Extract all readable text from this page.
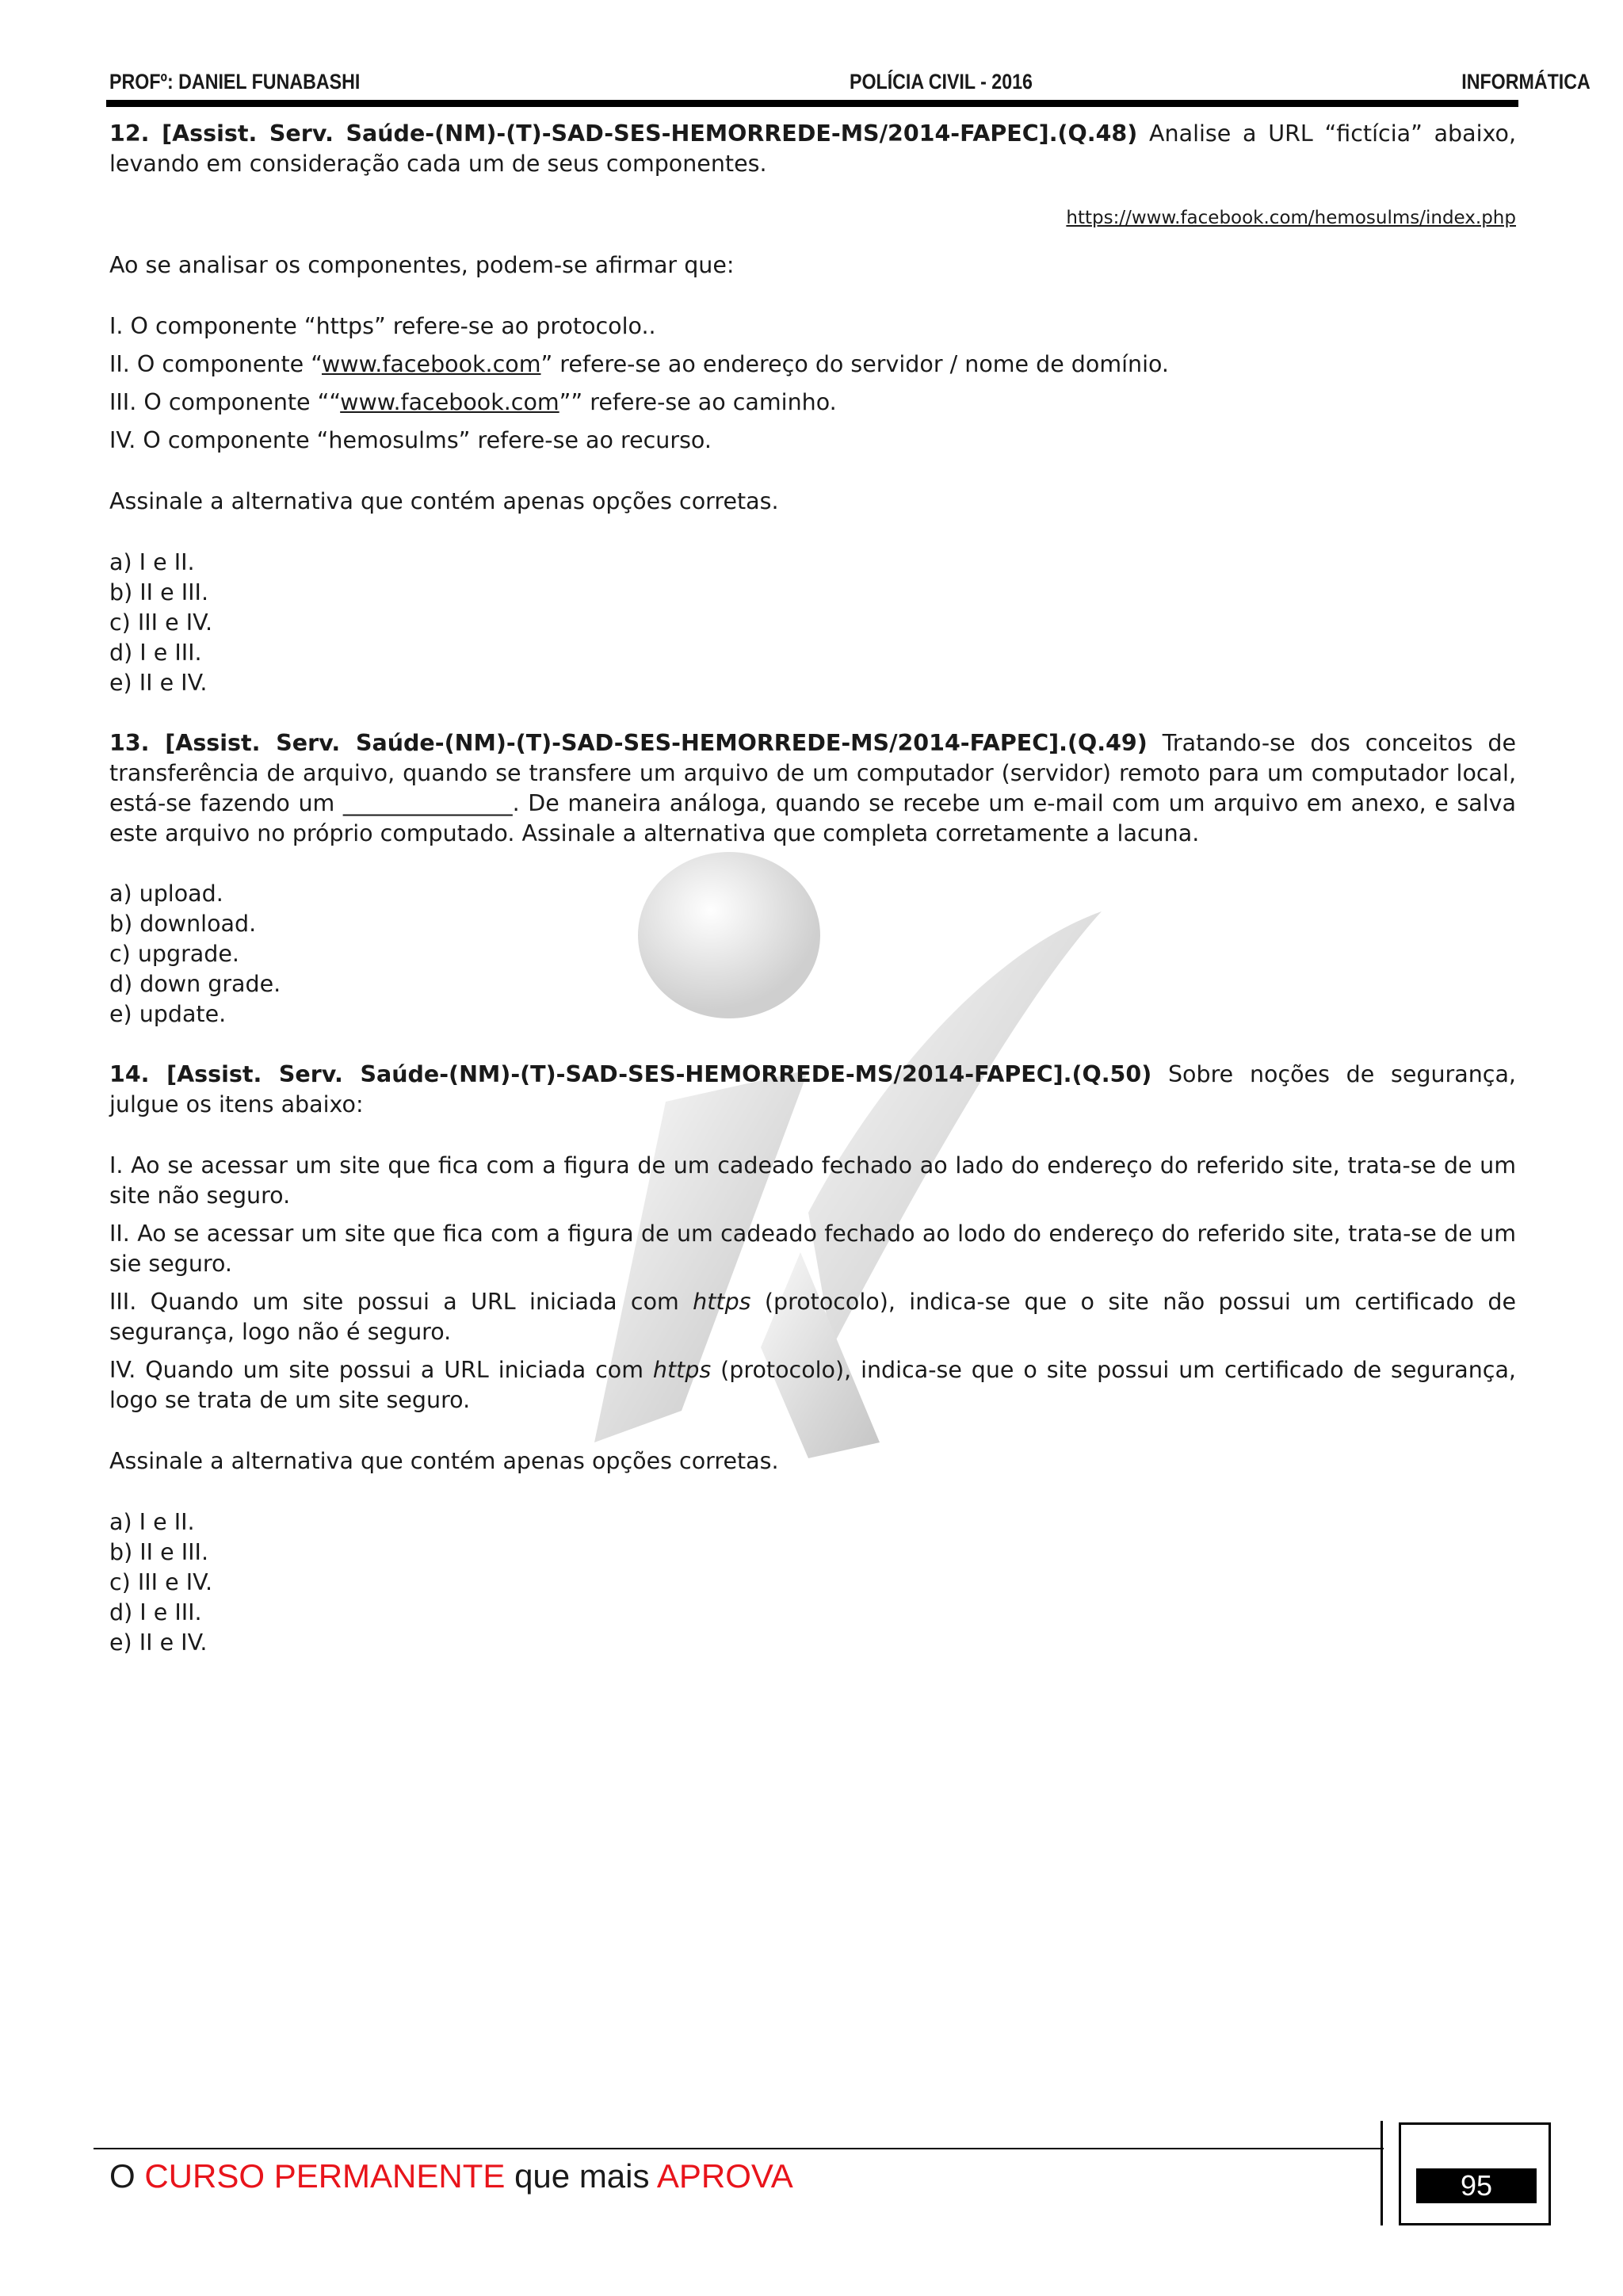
PROFº: DANIEL FUNABASHI	POLÍCIA CIVIL - 2016	INFORMÁTICA

12. [Assist. Serv. Saúde-(NM)-(T)-SAD-SES-HEMORREDE-MS/2014-FAPEC].(Q.48) Analise a URL “fictícia” abaixo, levando em consideração cada um de seus componentes.

https://www.facebook.com/hemosulms/index.php

Ao se analisar os componentes, podem-se afirmar que:

I. O componente “https” refere-se ao protocolo..

II. O componente “www.facebook.com” refere-se ao endereço do servidor / nome de domínio.

III. O componente ““www.facebook.com”” refere-se ao caminho.

IV. O componente “hemosulms” refere-se ao recurso.

Assinale a alternativa que contém apenas opções corretas.

a) I e II.

b) II e III.

c) III e IV.

d) I e III.

e) II e IV.

13. [Assist. Serv. Saúde-(NM)-(T)-SAD-SES-HEMORREDE-MS/2014-FAPEC].(Q.49) Tratando-se dos conceitos de transferência de arquivo, quando se transfere um arquivo de um computador (servidor) remoto para um computador local, está-se fazendo um _______________. De maneira análoga, quando se recebe um e-mail com um arquivo em anexo, e salva este arquivo no próprio computado. Assinale a alternativa que completa corretamente a lacuna.

a) upload.

b) download.

c) upgrade.

d) down grade.

e) update.

14. [Assist. Serv. Saúde-(NM)-(T)-SAD-SES-HEMORREDE-MS/2014-FAPEC].(Q.50) Sobre noções de segurança, julgue os itens abaixo:

I. Ao se acessar um site que fica com a figura de um cadeado fechado ao lado do endereço do referido site, trata-se de um site não seguro.

II. Ao se acessar um site que fica com a figura de um cadeado fechado ao lodo do endereço do referido site, trata-se de um sie seguro.

III. Quando um site possui a URL iniciada com https (protocolo), indica-se que o site não possui um certificado de segurança, logo não é seguro.

IV. Quando um site possui a URL iniciada com https (protocolo), indica-se que o site possui um certificado de segurança, logo se trata de um site seguro.

Assinale a alternativa que contém apenas opções corretas.

a) I e II.

b) II e III.

c) III e IV.

d) I e III.

e) II e IV.

O CURSO PERMANENTE que mais APROVA	95
